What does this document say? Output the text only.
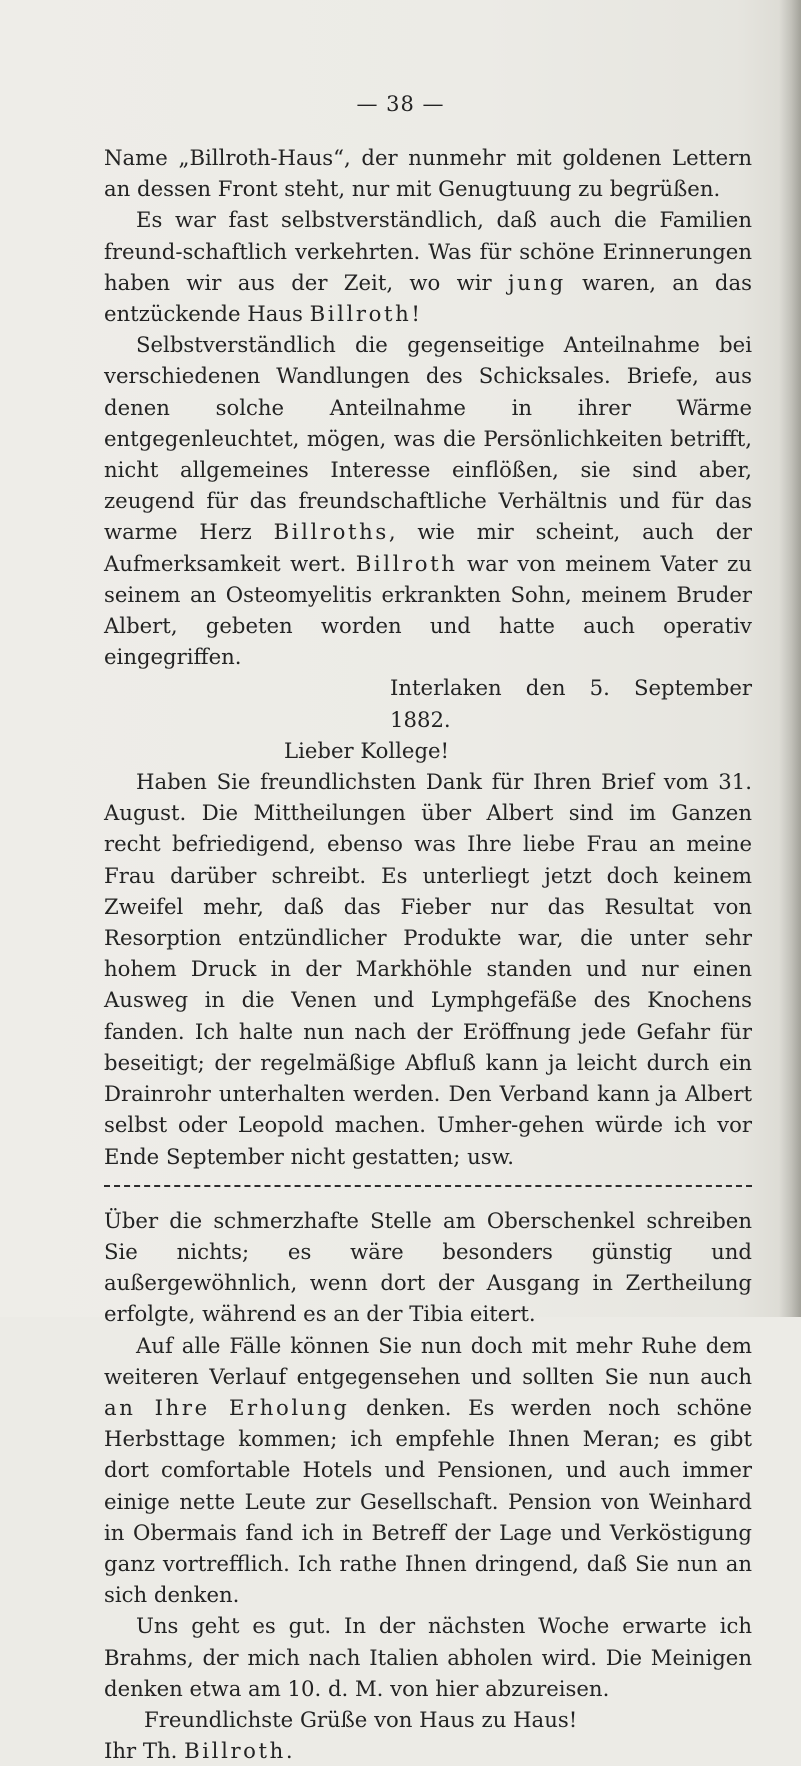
— 38 —

Name „Billroth-Haus“, der nunmehr mit goldenen Lettern an dessen Front steht, nur mit Genugtuung zu begrüßen.

Es war fast selbstverständlich, daß auch die Familien freund-schaftlich verkehrten. Was für schöne Erinnerungen haben wir aus der Zeit, wo wir jung waren, an das entzückende Haus Billroth!

Selbstverständlich die gegenseitige Anteilnahme bei verschiedenen Wandlungen des Schicksales. Briefe, aus denen solche Anteilnahme in ihrer Wärme entgegenleuchtet, mögen, was die Persönlichkeiten betrifft, nicht allgemeines Interesse einflößen, sie sind aber, zeugend für das freundschaftliche Verhältnis und für das warme Herz Billroths, wie mir scheint, auch der Aufmerksamkeit wert. Billroth war von meinem Vater zu seinem an Osteomyelitis erkrankten Sohn, meinem Bruder Albert, gebeten worden und hatte auch operativ eingegriffen.

Interlaken den 5. September 1882.

Lieber Kollege!

Haben Sie freundlichsten Dank für Ihren Brief vom 31. August. Die Mittheilungen über Albert sind im Ganzen recht befriedigend, ebenso was Ihre liebe Frau an meine Frau darüber schreibt. Es unterliegt jetzt doch keinem Zweifel mehr, daß das Fieber nur das Resultat von Resorption entzündlicher Produkte war, die unter sehr hohem Druck in der Markhöhle standen und nur einen Ausweg in die Venen und Lymphgefäße des Knochens fanden. Ich halte nun nach der Eröffnung jede Gefahr für beseitigt; der regelmäßige Abfluß kann ja leicht durch ein Drainrohr unterhalten werden. Den Verband kann ja Albert selbst oder Leopold machen. Umher-gehen würde ich vor Ende September nicht gestatten; usw.

Über die schmerzhafte Stelle am Oberschenkel schreiben Sie nichts; es wäre besonders günstig und außergewöhnlich, wenn dort der Ausgang in Zertheilung erfolgte, während es an der Tibia eitert.

Auf alle Fälle können Sie nun doch mit mehr Ruhe dem weiteren Verlauf entgegensehen und sollten Sie nun auch an Ihre Erholung denken. Es werden noch schöne Herbsttage kommen; ich empfehle Ihnen Meran; es gibt dort comfortable Hotels und Pensionen, und auch immer einige nette Leute zur Gesellschaft. Pension von Weinhard in Obermais fand ich in Betreff der Lage und Verköstigung ganz vortrefflich. Ich rathe Ihnen dringend, daß Sie nun an sich denken.

Uns geht es gut. In der nächsten Woche erwarte ich Brahms, der mich nach Italien abholen wird. Die Meinigen denken etwa am 10. d. M. von hier abzureisen.

Freundlichste Grüße von Haus zu Haus!

Ihr Th. Billroth.
